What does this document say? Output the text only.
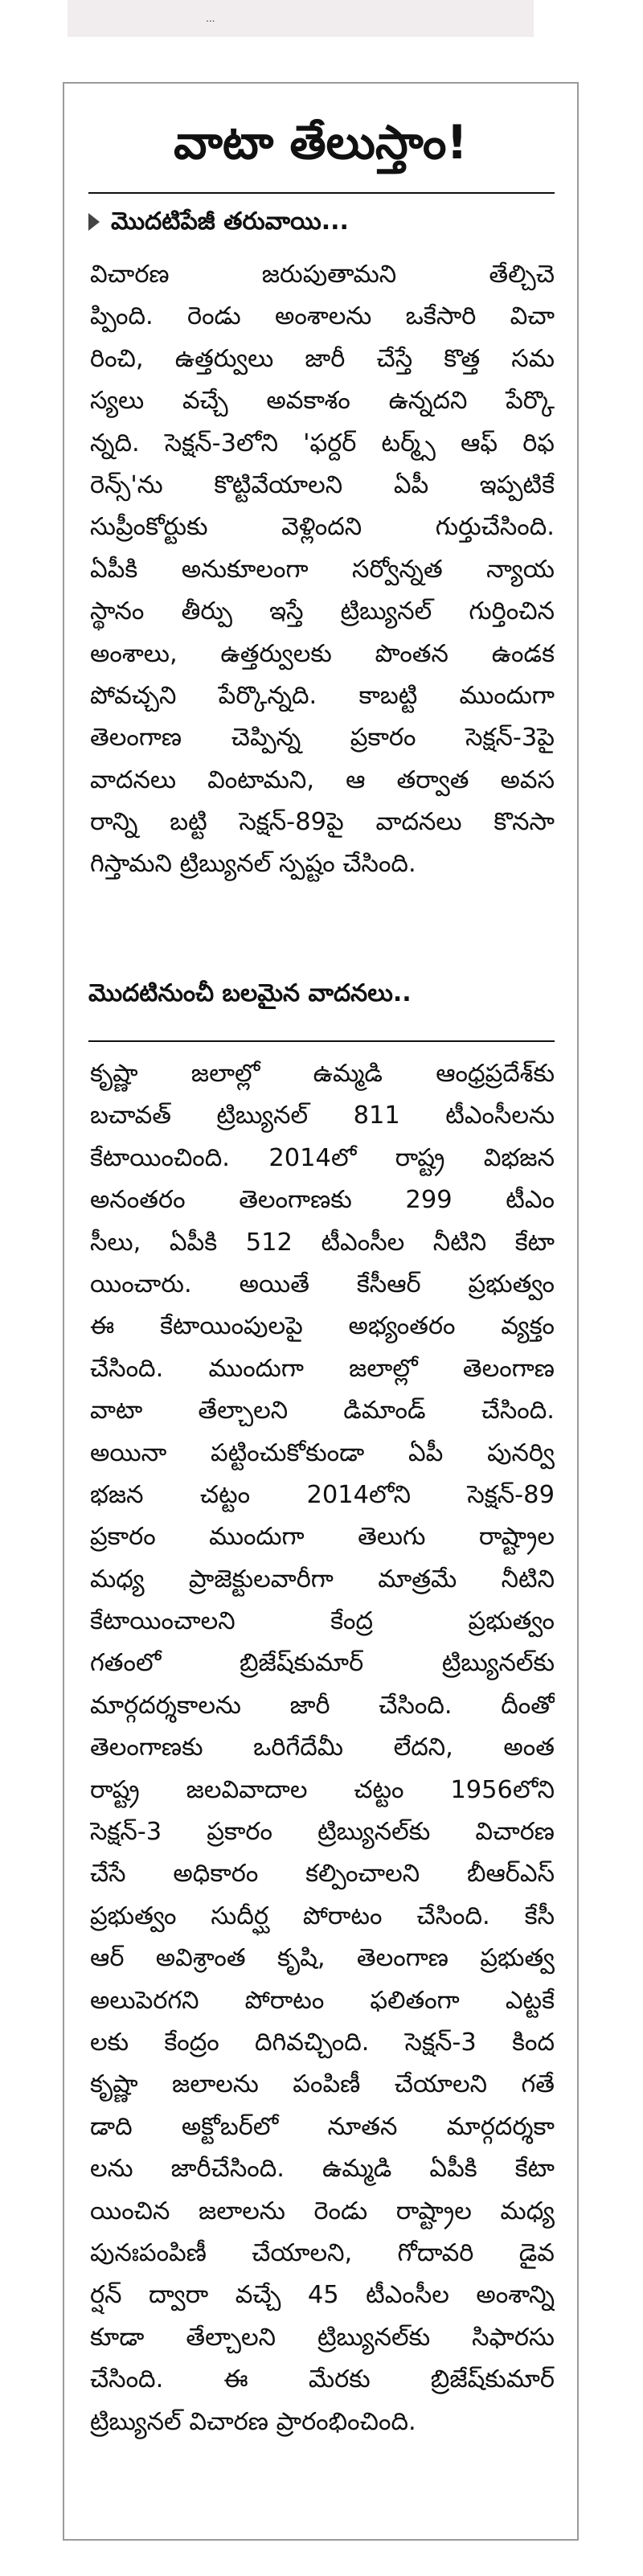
...
వాటా తేలుస్తాం!
మొదటిపేజీ తరువాయి...
విచారణ జరుపుతామని తేల్చిచె
ప్పింది. రెండు అంశాలను ఒకేసారి విచా
రించి, ఉత్తర్వులు జారీ చేస్తే కొత్త సమ
స్యలు వచ్చే అవకాశం ఉన్నదని పేర్కొ
న్నది. సెక్షన్-3లోని 'ఫర్దర్ టర్మ్స్ ఆఫ్ రిఫ
రెన్స్'ను కొట్టివేయాలని ఏపీ ఇప్పటికే
సుప్రీంకోర్టుకు వెళ్లిందని గుర్తుచేసింది.
ఏపీకి అనుకూలంగా సర్వోన్నత న్యాయ
స్థానం తీర్పు ఇస్తే ట్రిబ్యునల్ గుర్తించిన
అంశాలు, ఉత్తర్వులకు పొంతన ఉండక
పోవచ్చని పేర్కొన్నది. కాబట్టి ముందుగా
తెలంగాణ చెప్పిన్న ప్రకారం సెక్షన్-3పై
వాదనలు వింటామని, ఆ తర్వాత అవస
రాన్ని బట్టి సెక్షన్-89పై వాదనలు కొనసా
గిస్తామని ట్రిబ్యునల్ స్పష్టం చేసింది.
మొదటినుంచీ బలమైన వాదనలు..
కృష్ణా జలాల్లో ఉమ్మడి ఆంధ్రప్రదేశ్‌కు
బచావత్ ట్రిబ్యునల్ 811 టీఎంసీలను
కేటాయించింది. 2014లో రాష్ట్ర విభజన
అనంతరం తెలంగాణకు 299 టీఎం
సీలు, ఏపీకి 512 టీఎంసీల నీటిని కేటా
యించారు. అయితే కేసీఆర్ ప్రభుత్వం
ఈ కేటాయింపులపై అభ్యంతరం వ్యక్తం
చేసింది. ముందుగా జలాల్లో తెలంగాణ
వాటా తేల్చాలని డిమాండ్ చేసింది.
అయినా పట్టించుకోకుండా ఏపీ పునర్వి
భజన చట్టం 2014లోని సెక్షన్-89
ప్రకారం ముందుగా తెలుగు రాష్ట్రాల
మధ్య ప్రాజెక్టులవారీగా మాత్రమే నీటిని
కేటాయించాలని కేంద్ర ప్రభుత్వం
గతంలో బ్రిజేష్‌కుమార్ ట్రిబ్యునల్‌కు
మార్గదర్శకాలను జారీ చేసింది. దీంతో
తెలంగాణకు ఒరిగేదేమీ లేదని, అంత
రాష్ట్ర జలవివాదాల చట్టం 1956లోని
సెక్షన్-3 ప్రకారం ట్రిబ్యునల్‌కు విచారణ
చేసే అధికారం కల్పించాలని బీఆర్ఎస్
ప్రభుత్వం సుదీర్ఘ పోరాటం చేసింది. కేసీ
ఆర్ అవిశ్రాంత కృషి, తెలంగాణ ప్రభుత్వ
అలుపెరగని పోరాటం ఫలితంగా ఎట్టకే
లకు కేంద్రం దిగివచ్చింది. సెక్షన్-3 కింద
కృష్ణా జలాలను పంపిణీ చేయాలని గతే
డాది అక్టోబర్‌లో నూతన మార్గదర్శకా
లను జారీచేసింది. ఉమ్మడి ఏపీకి కేటా
యించిన జలాలను రెండు రాష్ట్రాల మధ్య
పునఃపంపిణీ చేయాలని, గోదావరి డైవ
ర్షన్ ద్వారా వచ్చే 45 టీఎంసీల అంశాన్ని
కూడా తేల్చాలని ట్రిబ్యునల్‌కు సిఫారసు
చేసింది. ఈ మేరకు బ్రిజేష్‌కుమార్
ట్రిబ్యునల్ విచారణ ప్రారంభించింది.
